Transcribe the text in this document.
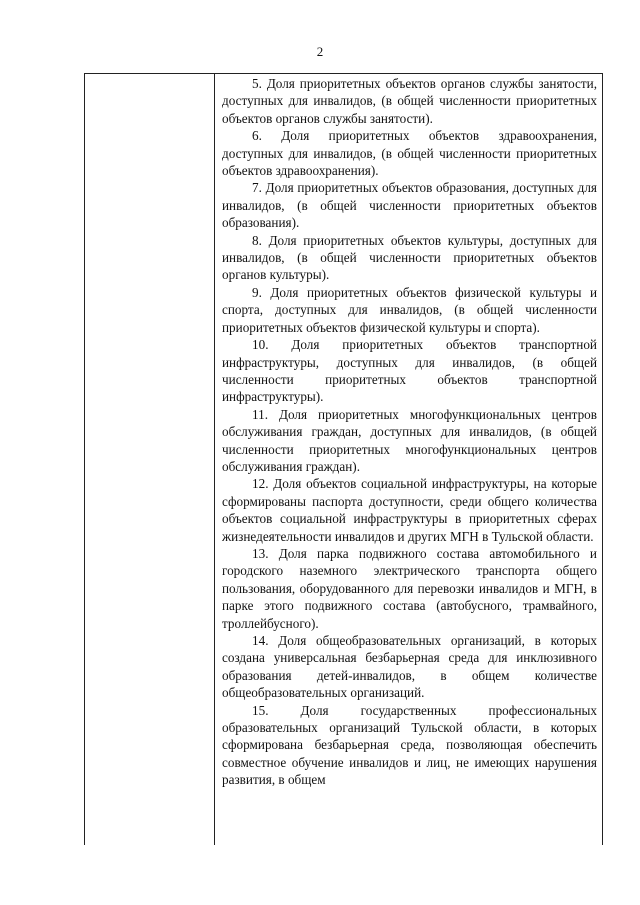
2

5. Доля приоритетных объектов органов службы занятости, доступных для инвалидов, (в общей численности приоритетных объектов органов службы занятости).

6. Доля приоритетных объектов здравоохранения, доступных для инвалидов, (в общей численности приоритетных объектов здравоохранения).

7. Доля приоритетных объектов образования, доступных для инвалидов, (в общей численности приоритетных объектов образования).

8. Доля приоритетных объектов культуры, доступных для инвалидов, (в общей численности приоритетных объектов органов культуры).

9. Доля приоритетных объектов физической культуры и спорта, доступных для инвалидов, (в общей численности приоритетных объектов физической культуры и спорта).

10. Доля приоритетных объектов транспортной инфраструктуры, доступных для инвалидов, (в общей численности приоритетных объектов транспортной инфраструктуры).

11. Доля приоритетных многофункциональных центров обслуживания граждан, доступных для инвалидов, (в общей численности приоритетных многофункциональных центров обслуживания граждан).

12. Доля объектов социальной инфраструктуры, на которые сформированы паспорта доступности, среди общего количества объектов социальной инфраструктуры в приоритетных сферах жизнедеятельности инвалидов и других МГН в Тульской области.

13. Доля парка подвижного состава автомобильного и городского наземного электрического транспорта общего пользования, оборудованного для перевозки инвалидов и МГН, в парке этого подвижного состава (автобусного, трамвайного, троллейбусного).

14. Доля общеобразовательных организаций, в которых создана универсальная безбарьерная среда для инклюзивного образования детей-инвалидов, в общем количестве общеобразовательных организаций.

15. Доля государственных профессиональных образовательных организаций Тульской области, в которых сформирована безбарьерная среда, позволяющая обеспечить совместное обучение инвалидов и лиц, не имеющих нарушения развития, в общем
